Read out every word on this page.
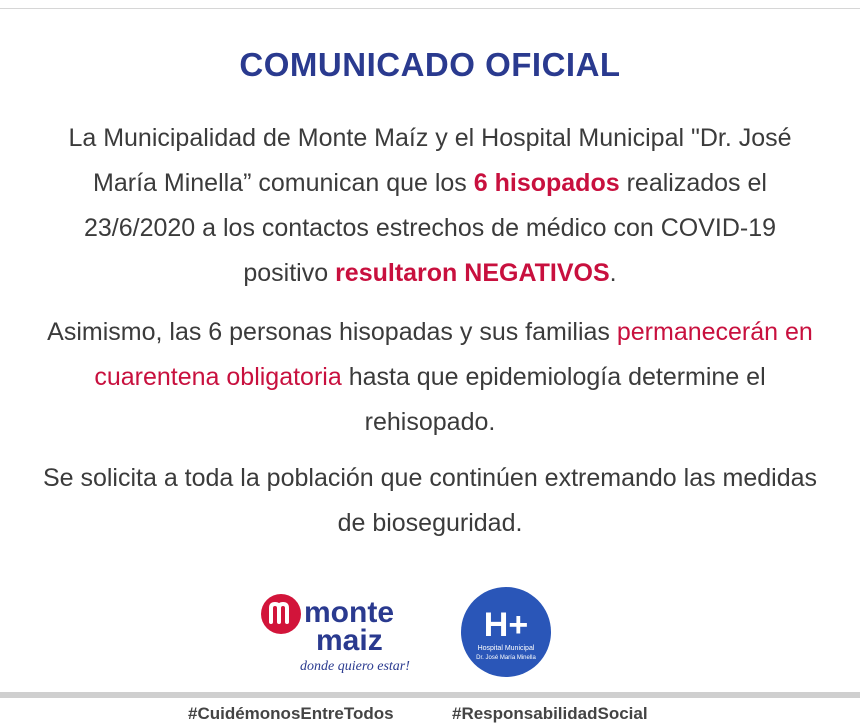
COMUNICADO OFICIAL
La Municipalidad de Monte Maíz y el Hospital Municipal "Dr. José María Minella” comunican que los 6 hisopados realizados el 23/6/2020 a los contactos estrechos de médico con COVID-19 positivo resultaron NEGATIVOS.
Asimismo, las 6 personas hisopadas y sus familias permanecerán en cuarentena obligatoria hasta que epidemiología determine el rehisopado.
Se solicita a toda la población que continúen extremando las medidas de bioseguridad.
monte
maiz
donde quiero estar!
H+
Hospital Municipal
Dr. José María Minella
#CuidémonosEntreTodos	#ResponsabilidadSocial
